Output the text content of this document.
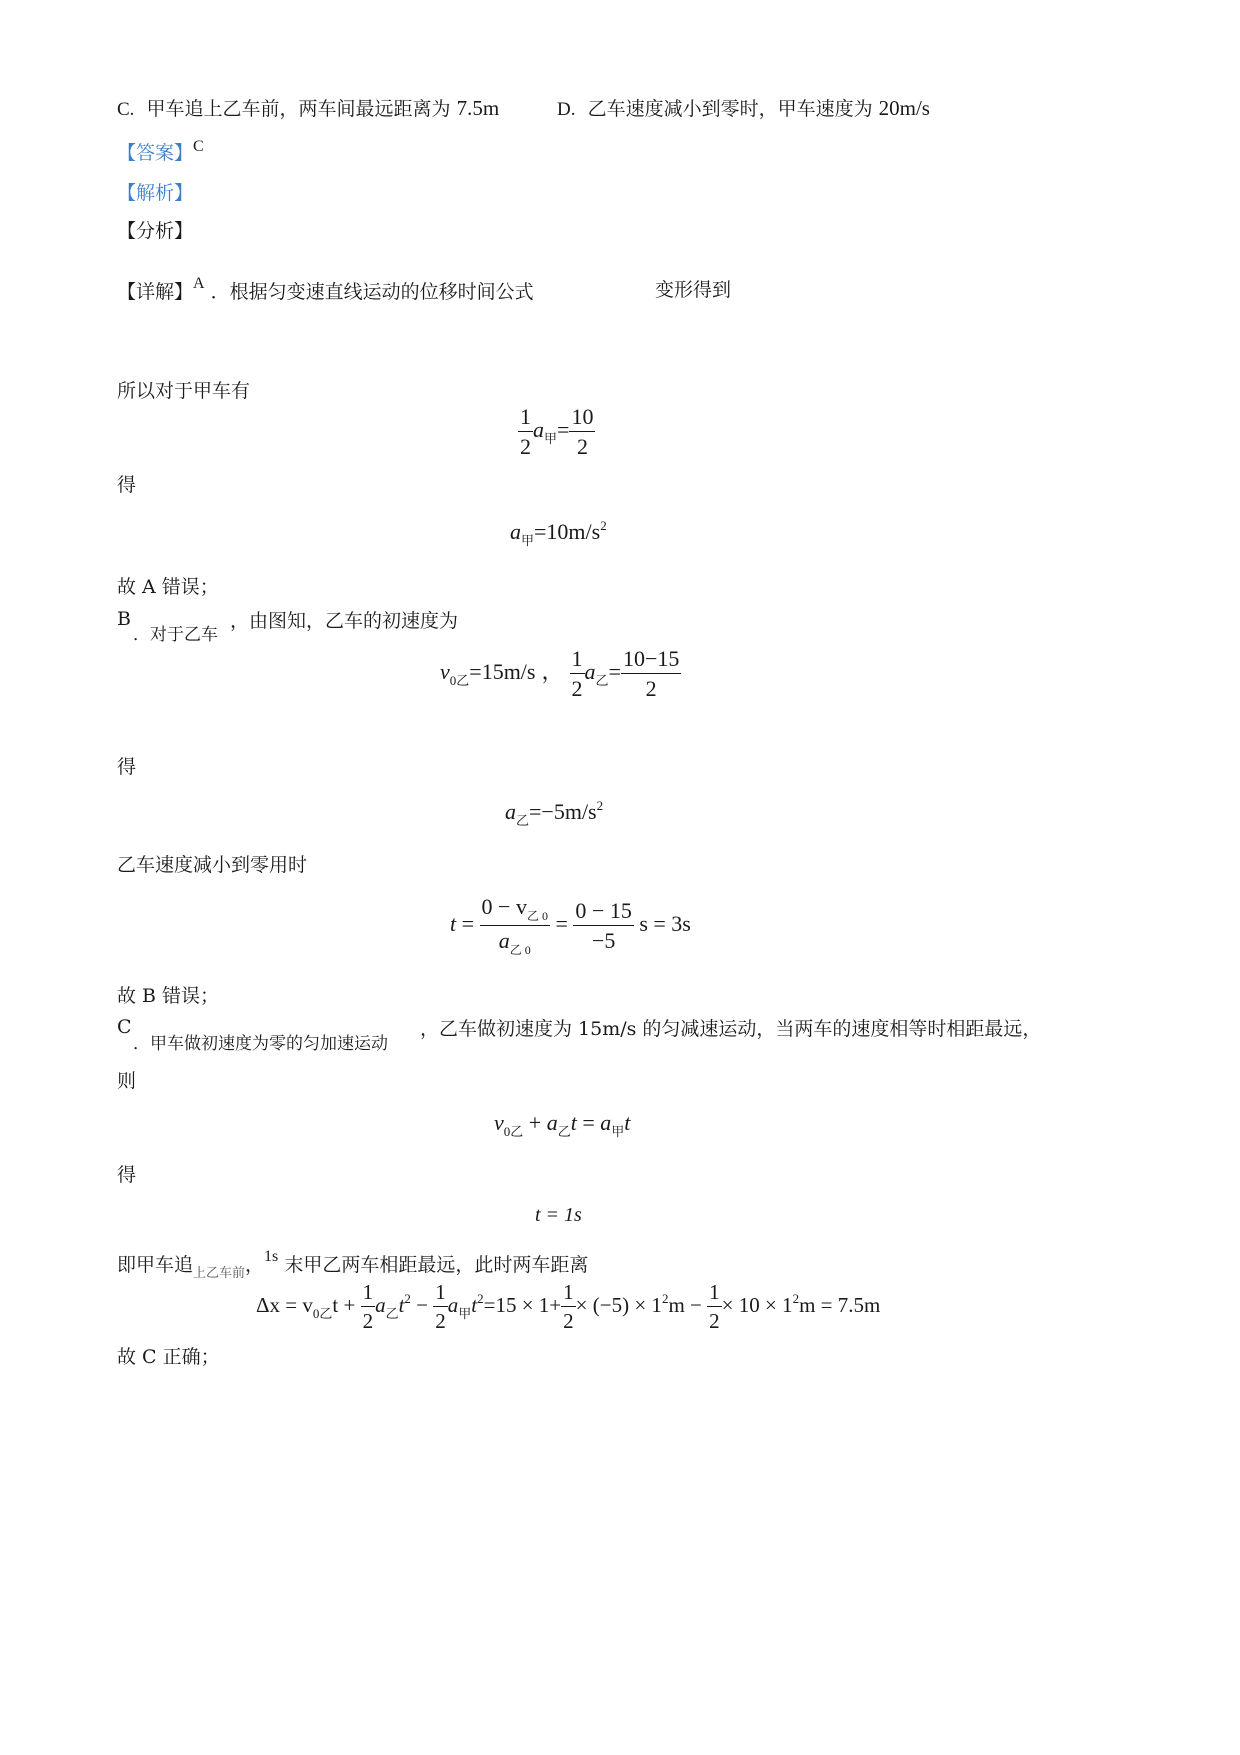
C. 甲车追上乙车前，两车间最远距离为 7.5m	D. 乙车速度减小到零时，甲车速度为 20m/s
【答案】$^C$
【解析】
【分析】
【详解】$^A$ ．根据匀变速直线运动的位移时间公式	变形得到
所以对于甲车有
$\frac{1}{2} a_甲= \frac{10}{2}$
得
$a_甲=10m/s^2$
故 A 错误；
B
．对于乙车
，由图知，乙车的初速度为
$v_{0乙}=15m/s$ ， $\frac{1}{2} a_乙= \frac{10-15}{2}$
得
$a_乙=-5m/s^2$
乙车速度减小到零用时
$t = \frac{0 - v_{乙 0}}{a_{乙 0}} = \frac{0 - 15}{-5}$ s = 3s
故 B 错误；
C
．甲车做初速度为零的匀加速运动
，乙车做初速度为 15m/s 的匀减速运动，当两车的速度相等时相距最远，
则
$v_{0乙} + a_乙t = a_甲t$
得
t = 1s
即甲车追上乙车前，$^{1s}$ 末甲乙两车相距最远，此时两车距离
$\Delta x = v_{0乙}t + \frac{1}{2} a_乙t^2 - \frac{1}{2} a_甲t^2=15 \times 1+ \frac{1}{2} \times (-5) \times 1^2m - \frac{1}{2} \times 10 \times 1^2m = 7.5m$
故 C 正确；
